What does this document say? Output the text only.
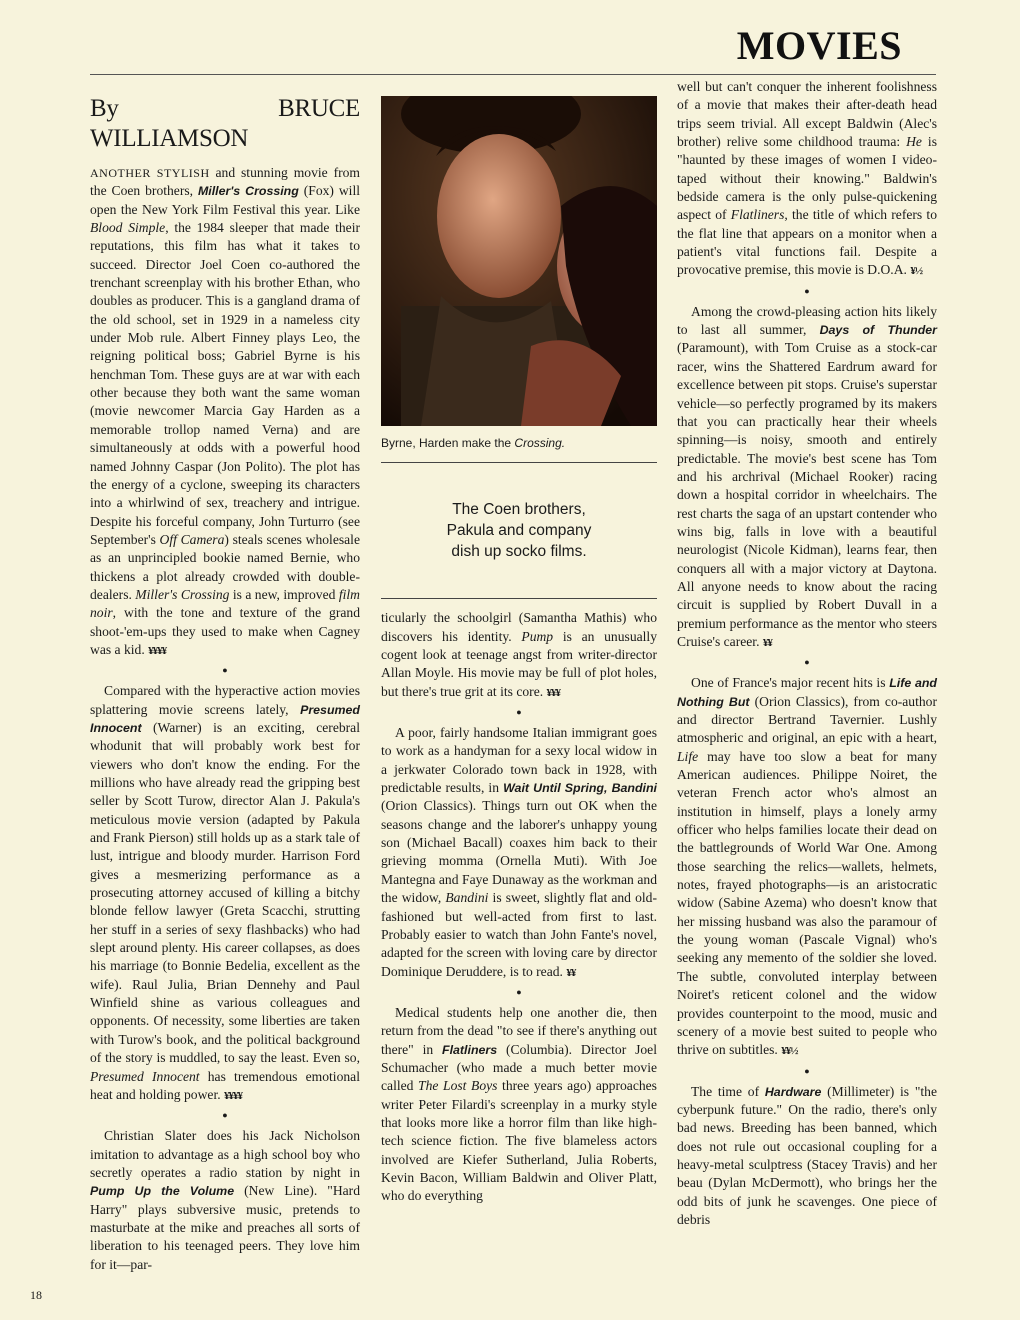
MOVIES
By BRUCE WILLIAMSON

ANOTHER STYLISH and stunning movie from the Coen brothers, Miller's Crossing (Fox) will open the New York Film Festival this year. Like Blood Simple, the 1984 sleeper that made their reputations, this film has what it takes to succeed. Director Joel Coen co-authored the trenchant screenplay with his brother Ethan, who doubles as producer. This is a gangland drama of the old school, set in 1929 in a nameless city under Mob rule. Albert Finney plays Leo, the reigning political boss; Gabriel Byrne is his henchman Tom. These guys are at war with each other because they both want the same woman (movie newcomer Marcia Gay Harden as a memorable trollop named Verna) and are simultaneously at odds with a powerful hood named Johnny Caspar (Jon Polito). The plot has the energy of a cyclone, sweeping its characters into a whirlwind of sex, treachery and intrigue. Despite his forceful company, John Turturro (see September's Off Camera) steals scenes wholesale as an unprincipled bookie named Bernie, who thickens a plot already crowded with double-dealers. Miller's Crossing is a new, improved film noir, with the tone and texture of the grand shoot-'em-ups they used to make when Cagney was a kid. ¥¥¥¥

●

Compared with the hyperactive action movies splattering movie screens lately, Presumed Innocent (Warner) is an exciting, cerebral whodunit that will probably work best for viewers who don't know the ending. For the millions who have already read the gripping best seller by Scott Turow, director Alan J. Pakula's meticulous movie version (adapted by Pakula and Frank Pierson) still holds up as a stark tale of lust, intrigue and bloody murder. Harrison Ford gives a mesmerizing performance as a prosecuting attorney accused of killing a bitchy blonde fellow lawyer (Greta Scacchi, strutting her stuff in a series of sexy flashbacks) who had slept around plenty. His career collapses, as does his marriage (to Bonnie Bedelia, excellent as the wife). Raul Julia, Brian Dennehy and Paul Winfield shine as various colleagues and opponents. Of necessity, some liberties are taken with Turow's book, and the political background of the story is muddled, to say the least. Even so, Presumed Innocent has tremendous emotional heat and holding power. ¥¥¥¥

●

Christian Slater does his Jack Nicholson imitation to advantage as a high school boy who secretly operates a radio station by night in Pump Up the Volume (New Line). "Hard Harry" plays subversive music, pretends to masturbate at the mike and preaches all sorts of liberation to his teenaged peers. They love him for it—par-

Byrne, Harden make the Crossing.
The Coen brothers,
Pakula and company
dish up socko films.

ticularly the schoolgirl (Samantha Mathis) who discovers his identity. Pump is an unusually cogent look at teenage angst from writer-director Allan Moyle. His movie may be full of plot holes, but there's true grit at its core. ¥¥¥

●

A poor, fairly handsome Italian immigrant goes to work as a handyman for a sexy local widow in a jerkwater Colorado town back in 1928, with predictable results, in Wait Until Spring, Bandini (Orion Classics). Things turn out OK when the seasons change and the laborer's unhappy young son (Michael Bacall) coaxes him back to their grieving momma (Ornella Muti). With Joe Mantegna and Faye Dunaway as the workman and the widow, Bandini is sweet, slightly flat and old-fashioned but well-acted from first to last. Probably easier to watch than John Fante's novel, adapted for the screen with loving care by director Dominique Deruddere, is to read. ¥¥

●

Medical students help one another die, then return from the dead "to see if there's anything out there" in Flatliners (Columbia). Director Joel Schumacher (who made a much better movie called The Lost Boys three years ago) approaches writer Peter Filardi's screenplay in a murky style that looks more like a horror film than like high-tech science fiction. The five blameless actors involved are Kiefer Sutherland, Julia Roberts, Kevin Bacon, William Baldwin and Oliver Platt, who do everything

well but can't conquer the inherent foolishness of a movie that makes their after-death head trips seem trivial. All except Baldwin (Alec's brother) relive some childhood trauma: He is "haunted by these images of women I video-taped without their knowing." Baldwin's bedside camera is the only pulse-quickening aspect of Flatliners, the title of which refers to the flat line that appears on a monitor when a patient's vital functions fail. Despite a provocative premise, this movie is D.O.A. ¥½

●

Among the crowd-pleasing action hits likely to last all summer, Days of Thunder (Paramount), with Tom Cruise as a stock-car racer, wins the Shattered Eardrum award for excellence between pit stops. Cruise's superstar vehicle—so perfectly programed by its makers that you can practically hear their wheels spinning—is noisy, smooth and entirely predictable. The movie's best scene has Tom and his archrival (Michael Rooker) racing down a hospital corridor in wheelchairs. The rest charts the saga of an upstart contender who wins big, falls in love with a beautiful neurologist (Nicole Kidman), learns fear, then conquers all with a major victory at Daytona. All anyone needs to know about the racing circuit is supplied by Robert Duvall in a premium performance as the mentor who steers Cruise's career. ¥¥

●

One of France's major recent hits is Life and Nothing But (Orion Classics), from co-author and director Bertrand Tavernier. Lushly atmospheric and original, an epic with a heart, Life may have too slow a beat for many American audiences. Philippe Noiret, the veteran French actor who's almost an institution in himself, plays a lonely army officer who helps families locate their dead on the battlegrounds of World War One. Among those searching the relics—wallets, helmets, notes, frayed photographs—is an aristocratic widow (Sabine Azema) who doesn't know that her missing husband was also the paramour of the young woman (Pascale Vignal) who's seeking any memento of the soldier she loved. The subtle, convoluted interplay between Noiret's reticent colonel and the widow provides counterpoint to the mood, music and scenery of a movie best suited to people who thrive on subtitles. ¥¥½

●

The time of Hardware (Millimeter) is "the cyberpunk future." On the radio, there's only bad news. Breeding has been banned, which does not rule out occasional coupling for a heavy-metal sculptress (Stacey Travis) and her beau (Dylan McDermott), who brings her the odd bits of junk he scavenges. One piece of debris

18
